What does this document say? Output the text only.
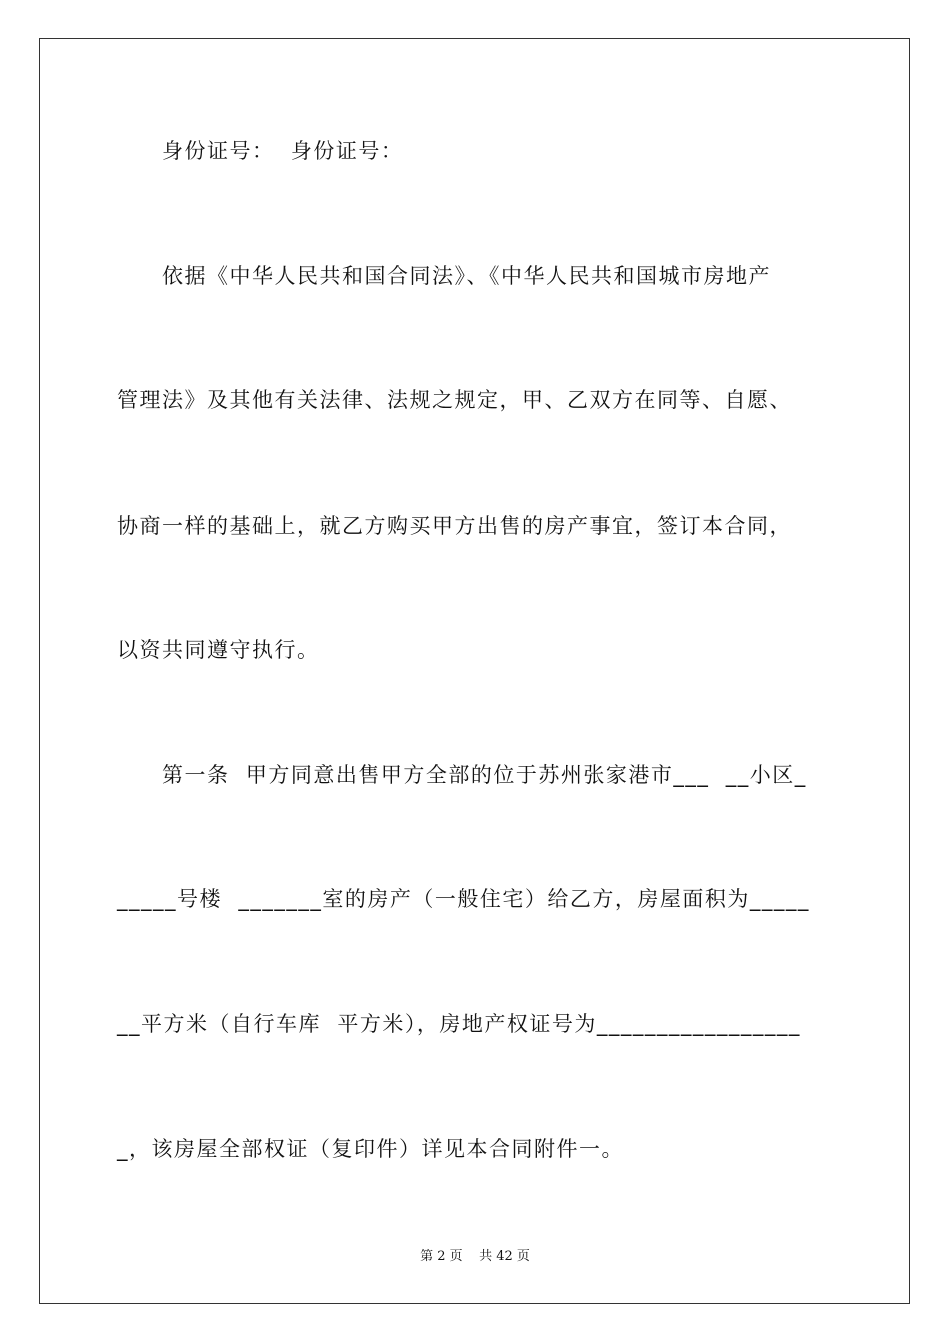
身份证号：  身份证号：
依据《中华人民共和国合同法》、《中华人民共和国城市房地产
管理法》及其他有关法律、法规之规定，甲、乙双方在同等、自愿、
协商一样的基础上，就乙方购买甲方出售的房产事宜，签订本合同，
以资共同遵守执行。
第一条  甲方同意出售甲方全部的位于苏州张家港市___  __小区_
_____号楼  _______室的房产（一般住宅）给乙方，房屋面积为_____
__平方米（自行车库  平方米），房地产权证号为_________________
_，该房屋全部权证（复印件）详见本合同附件一。
第 2 页    共 42 页
